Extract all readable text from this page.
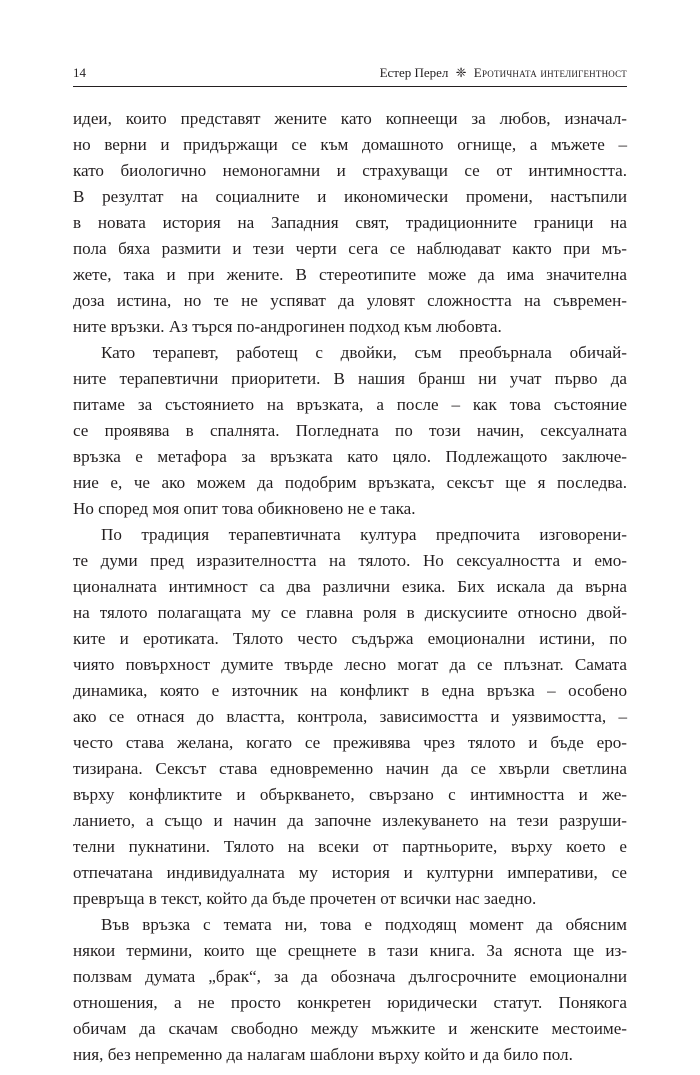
14	Естер Перел ❈ Еротичната интелигентност
идеи, които представят жените като копнеещи за любов, изначал-
но верни и придържащи се към домашното огнище, а мъжете –
като биологично немоногамни и страхуващи се от интимността.
В резултат на социалните и икономически промени, настъпили
в новата история на Западния свят, традиционните граници на
пола бяха размити и тези черти сега се наблюдават както при мъ-
жете, така и при жените. В стереотипите може да има значителна
доза истина, но те не успяват да уловят сложността на съвремен-
ните връзки. Аз търся по-андрогинен подход към любовта.
Като терапевт, работещ с двойки, съм преобърнала обичай-
ните терапевтични приоритети. В нашия бранш ни учат първо да
питаме за състоянието на връзката, а после – как това състояние
се проявява в спалнята. Погледната по този начин, сексуалната
връзка е метафора за връзката като цяло. Подлежащото заключе-
ние е, че ако можем да подобрим връзката, сексът ще я последва.
Но според моя опит това обикновено не е така.
По традиция терапевтичната култура предпочита изговорени-
те думи пред изразителността на тялото. Но сексуалността и емо-
ционалната интимност са два различни езика. Бих искала да върна
на тялото полагащата му се главна роля в дискусиите относно двой-
ките и еротиката. Тялото често съдържа емоционални истини, по
чиято повърхност думите твърде лесно могат да се плъзнат. Самата
динамика, която е източник на конфликт в една връзка – особено
ако се отнася до властта, контрола, зависимостта и уязвимостта, –
често става желана, когато се преживява чрез тялото и бъде еро-
тизирана. Сексът става едновременно начин да се хвърли светлина
върху конфликтите и объркването, свързано с интимността и же-
ланието, а също и начин да започне излекуването на тези разруши-
телни пукнатини. Тялото на всеки от партньорите, върху което е
отпечатана индивидуалната му история и културни императиви, се
превръща в текст, който да бъде прочетен от всички нас заедно.
Във връзка с темата ни, това е подходящ момент да обясним
някои термини, които ще срещнете в тази книга. За яснота ще из-
ползвам думата „брак“, за да обознача дългосрочните емоционални
отношения, а не просто конкретен юридически статут. Понякога
обичам да скачам свободно между мъжките и женските местоиме-
ния, без непременно да налагам шаблони върху който и да било пол.
